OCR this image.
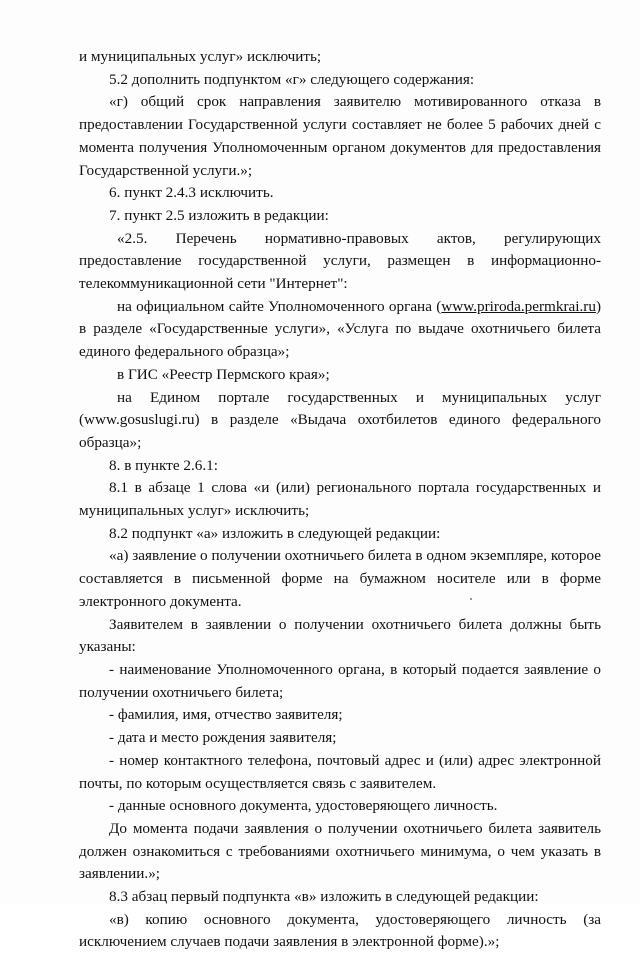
и муниципальных услуг» исключить;

5.2 дополнить подпунктом «г» следующего содержания:

«г) общий срок направления заявителю мотивированного отказа в предоставлении Государственной услуги составляет не более 5 рабочих дней с момента получения Уполномоченным органом документов для предоставления Государственной услуги.»;

6. пункт 2.4.3 исключить.

7. пункт 2.5 изложить в редакции:

«2.5. Перечень нормативно-правовых актов, регулирующих предоставление государственной услуги, размещен в информационно-телекоммуникационной сети "Интернет":

на официальном сайте Уполномоченного органа (www.priroda.permkrai.ru) в разделе «Государственные услуги», «Услуга по выдаче охотничьего билета единого федерального образца»;

в ГИС «Реестр Пермского края»;

на Едином портале государственных и муниципальных услуг (www.gosuslugi.ru) в разделе «Выдача охотбилетов единого федерального образца»;

8. в пункте 2.6.1:

8.1 в абзаце 1 слова «и (или) регионального портала государственных и муниципальных услуг» исключить;

8.2 подпункт «а» изложить в следующей редакции:

«а) заявление о получении охотничьего билета в одном экземпляре, которое составляется в письменной форме на бумажном носителе или в форме электронного документа.

Заявителем в заявлении о получении охотничьего билета должны быть указаны:

- наименование Уполномоченного органа, в который подается заявление о получении охотничьего билета;

- фамилия, имя, отчество заявителя;

- дата и место рождения заявителя;

- номер контактного телефона, почтовый адрес и (или) адрес электронной почты, по которым осуществляется связь с заявителем.

- данные основного документа, удостоверяющего личность.

До момента подачи заявления о получении охотничьего билета заявитель должен ознакомиться с требованиями охотничьего минимума, о чем указать в заявлении.»;

8.3 абзац первый подпункта «в» изложить в следующей редакции:

«в) копию основного документа, удостоверяющего личность (за исключением случаев подачи заявления в электронной форме).»;
